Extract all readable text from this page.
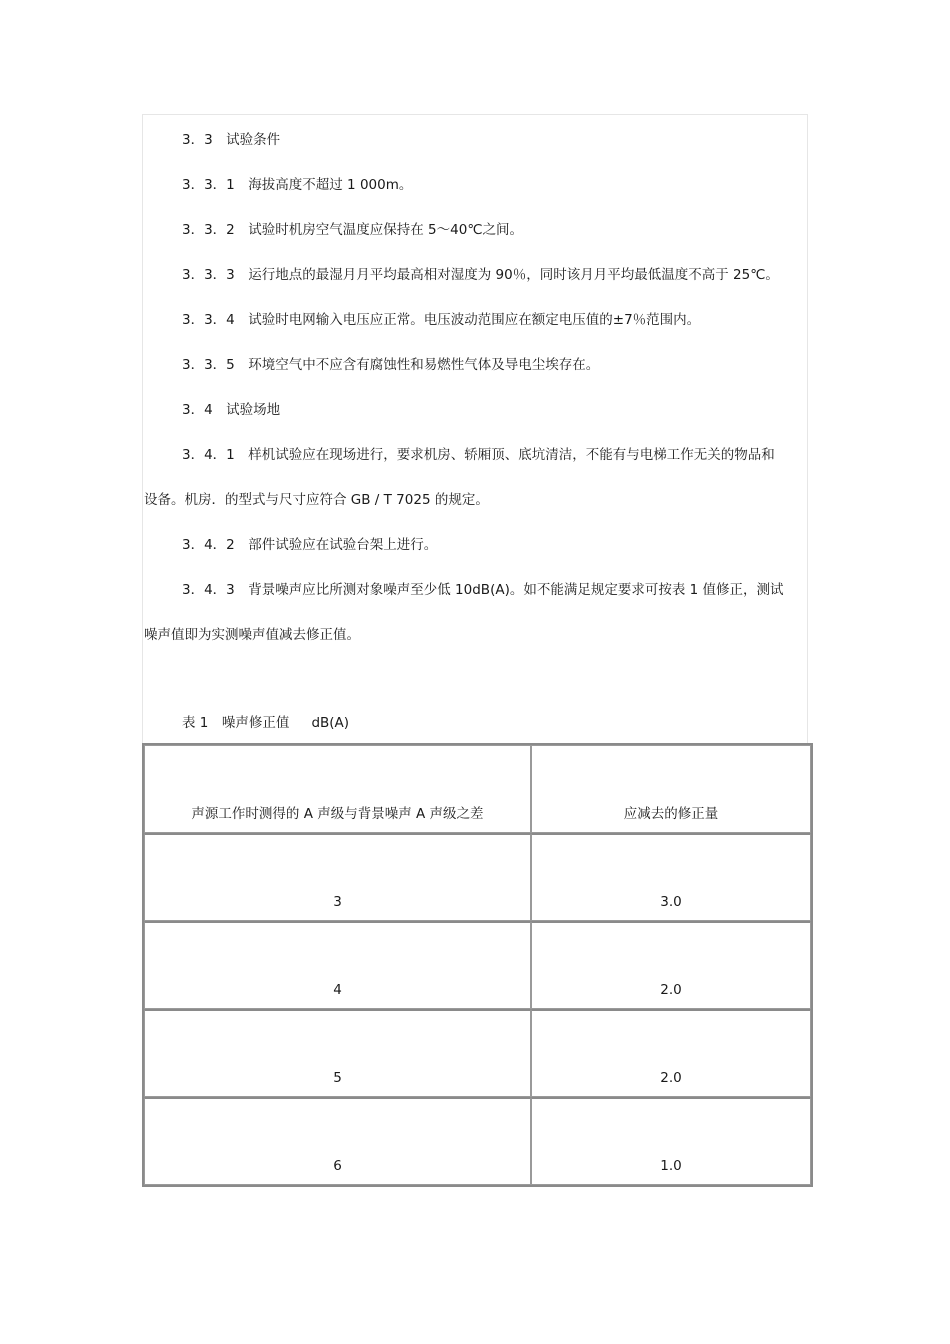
3．3　试验条件
3．3．1　海拔高度不超过 1 000m。
3．3．2　试验时机房空气温度应保持在 5～40℃之间。
3．3．3　运行地点的最湿月月平均最高相对湿度为 90％，同时该月月平均最低温度不高于 25℃。
3．3．4　试验时电网输入电压应正常。电压波动范围应在额定电压值的±7％范围内。
3．3．5　环境空气中不应含有腐蚀性和易燃性气体及导电尘埃存在。
3．4　试验场地
3．4．1　样机试验应在现场进行，要求机房、轿厢顶、底坑清洁，不能有与电梯工作无关的物品和
设备。机房．的型式与尺寸应符合 GB / T 7025 的规定。
3．4．2　部件试验应在试验台架上进行。
3．4．3　背景噪声应比所测对象噪声至少低 10dB(A)。如不能满足规定要求可按表 1 值修正，测试
噪声值即为实测噪声值减去修正值。
表 1　噪声修正值　  dB(A)
声源工作时测得的 A 声级与背景噪声 A 声级之差	应减去的修正量
3	3.0
4	2.0
5	2.0
6	1.0
